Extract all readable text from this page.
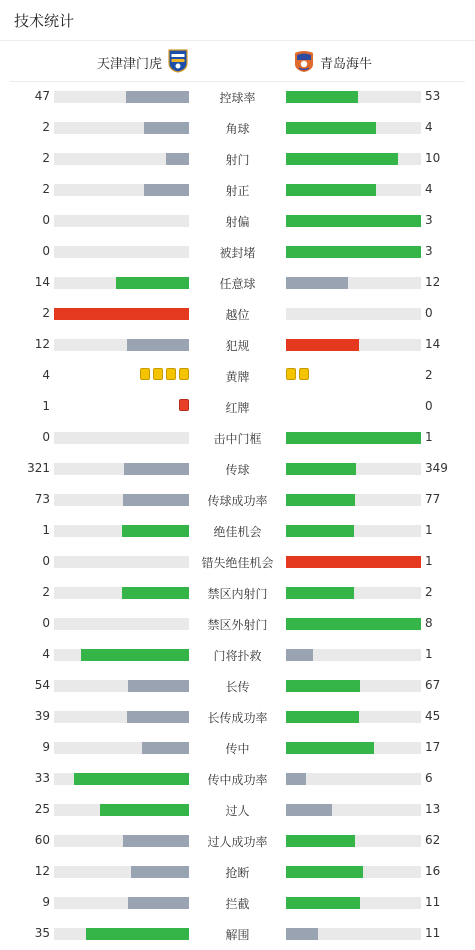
技术统计
天津津门虎	青岛海牛
47	控球率	53
2	角球	4
2	射门	10
2	射正	4
0	射偏	3
0	被封堵	3
14	任意球	12
2	越位	0
12	犯规	14
4	黄牌	2
1	红牌	0
0	击中门框	1
321	传球	349
73	传球成功率	77
1	绝佳机会	1
0	错失绝佳机会	1
2	禁区内射门	2
0	禁区外射门	8
4	门将扑救	1
54	长传	67
39	长传成功率	45
9	传中	17
33	传中成功率	6
25	过人	13
60	过人成功率	62
12	抢断	16
9	拦截	11
35	解围	11
